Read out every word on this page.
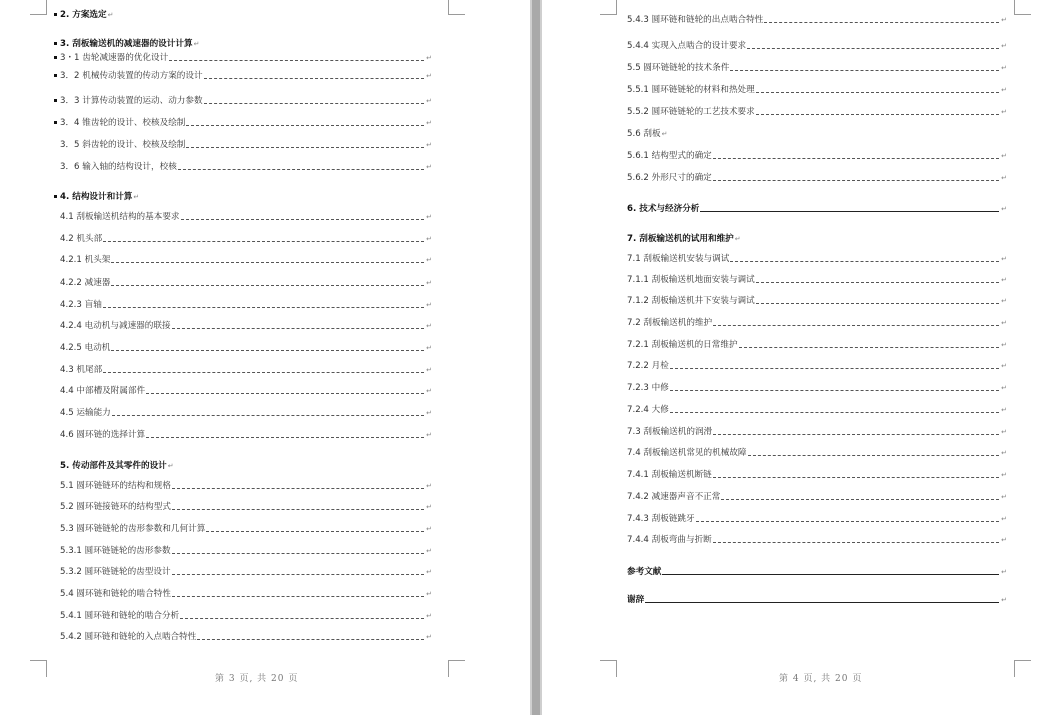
2. 方案选定 ↵
3. 刮板输送机的减速器的设计计算 ↵
3・1 齿轮减速器的优化设计	↵
3．2 机械传动装置的传动方案的设计	↵
3．3 计算传动装置的运动、动力参数	↵
3．4 锥齿轮的设计、校核及绘制	↵
3．5 斜齿轮的设计、校核及绘制	↵
3．6 输入轴的结构设计，校核	↵
4. 结构设计和计算 ↵
4.1 刮板输送机结构的基本要求	↵
4.2 机头部	↵
4.2.1 机头架	↵
4.2.2 减速器	↵
4.2.3 盲轴	↵
4.2.4 电动机与减速器的联接	↵
4.2.5 电动机	↵
4.3 机尾部	↵
4.4 中部槽及附属部件	↵
4.5 运输能力	↵
4.6 圆环链的选择计算	↵
5. 传动部件及其零件的设计 ↵
5.1 圆环链链环的结构和规格	↵
5.2 圆环链接链环的结构型式	↵
5.3 圆环链链轮的齿形参数和几何计算	↵
5.3.1 圆环链链轮的齿形参数	↵
5.3.2 圆环链链轮的齿型设计	↵
5.4 圆环链和链轮的啮合特性	↵
5.4.1 圆环链和链轮的啮合分析	↵
5.4.2 圆环链和链轮的入点啮合特性	↵
第 3 页, 共 20 页
5.4.3 圆环链和链轮的出点啮合特性	↵
5.4.4 实现入点啮合的设计要求	↵
5.5 圆环链链轮的技术条件	↵
5.5.1 圆环链链轮的材料和热处理	↵
5.5.2 圆环链链轮的工艺技术要求	↵
5.6 刮板 ↵
5.6.1 结构型式的确定	↵
5.6.2 外形尺寸的确定	↵
6. 技术与经济分析	↵
7. 刮板输送机的试用和维护 ↵
7.1 刮板输送机安装与调试	↵
7.1.1 刮板输送机地面安装与调试	↵
7.1.2 刮板输送机井下安装与调试	↵
7.2 刮板输送机的维护	↵
7.2.1 刮板输送机的日常维护	↵
7.2.2 月检	↵
7.2.3 中修	↵
7.2.4 大修	↵
7.3 刮板输送机的润滑	↵
7.4 刮板输送机常见的机械故障	↵
7.4.1 刮板输送机断链	↵
7.4.2 减速器声音不正常	↵
7.4.3 刮板链跳牙	↵
7.4.4 刮板弯曲与折断	↵
参考文献	↵
谢辞	↵
第 4 页, 共 20 页
